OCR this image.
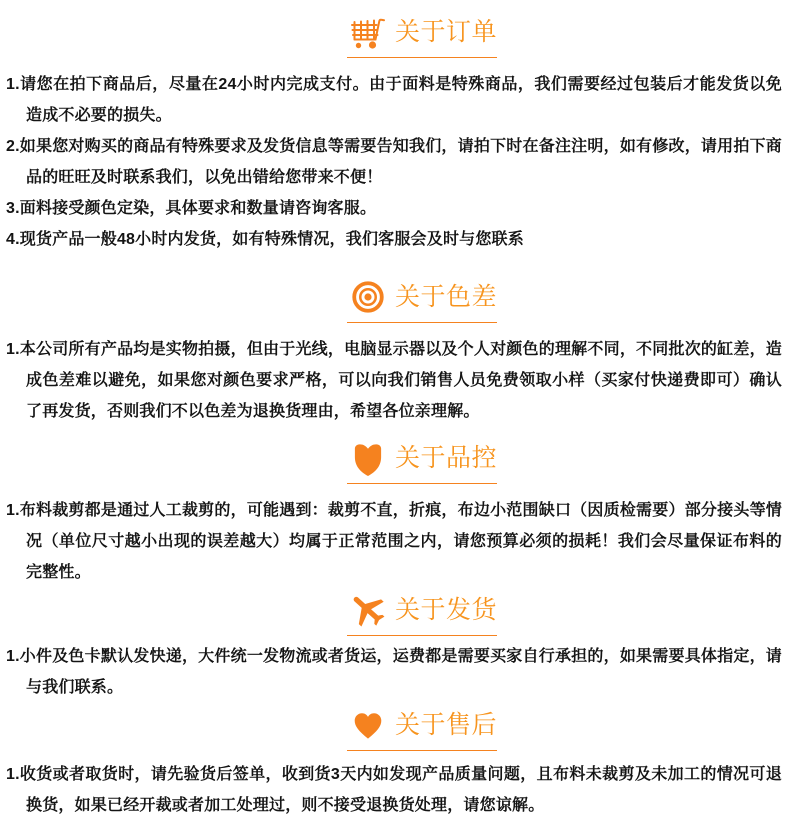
关于订单

1.请您在拍下商品后，尽量在24小时内完成支付。由于面料是特殊商品，我们需要经过包装后才能发货以免造成不必要的损失。

2.如果您对购买的商品有特殊要求及发货信息等需要告知我们，请拍下时在备注注明，如有修改，请用拍下商品的旺旺及时联系我们，以免出错给您带来不便！

3.面料接受颜色定染，具体要求和数量请咨询客服。

4.现货产品一般48小时内发货，如有特殊情况，我们客服会及时与您联系

关于色差

1.本公司所有产品均是实物拍摄，但由于光线，电脑显示器以及个人对颜色的理解不同，不同批次的缸差，造成色差难以避免，如果您对颜色要求严格，可以向我们销售人员免费领取小样（买家付快递费即可）确认了再发货，否则我们不以色差为退换货理由，希望各位亲理解。

关于品控

1.布料裁剪都是通过人工裁剪的，可能遇到：裁剪不直，折痕，布边小范围缺口（因质检需要）部分接头等情况（单位尺寸越小出现的误差越大）均属于正常范围之内，请您预算必须的损耗！我们会尽量保证布料的完整性。

关于发货

1.小件及色卡默认发快递，大件统一发物流或者货运，运费都是需要买家自行承担的，如果需要具体指定，请与我们联系。

关于售后

1.收货或者取货时，请先验货后签单，收到货3天内如发现产品质量问题，且布料未裁剪及未加工的情况可退换货，如果已经开裁或者加工处理过，则不接受退换货处理，请您谅解。
